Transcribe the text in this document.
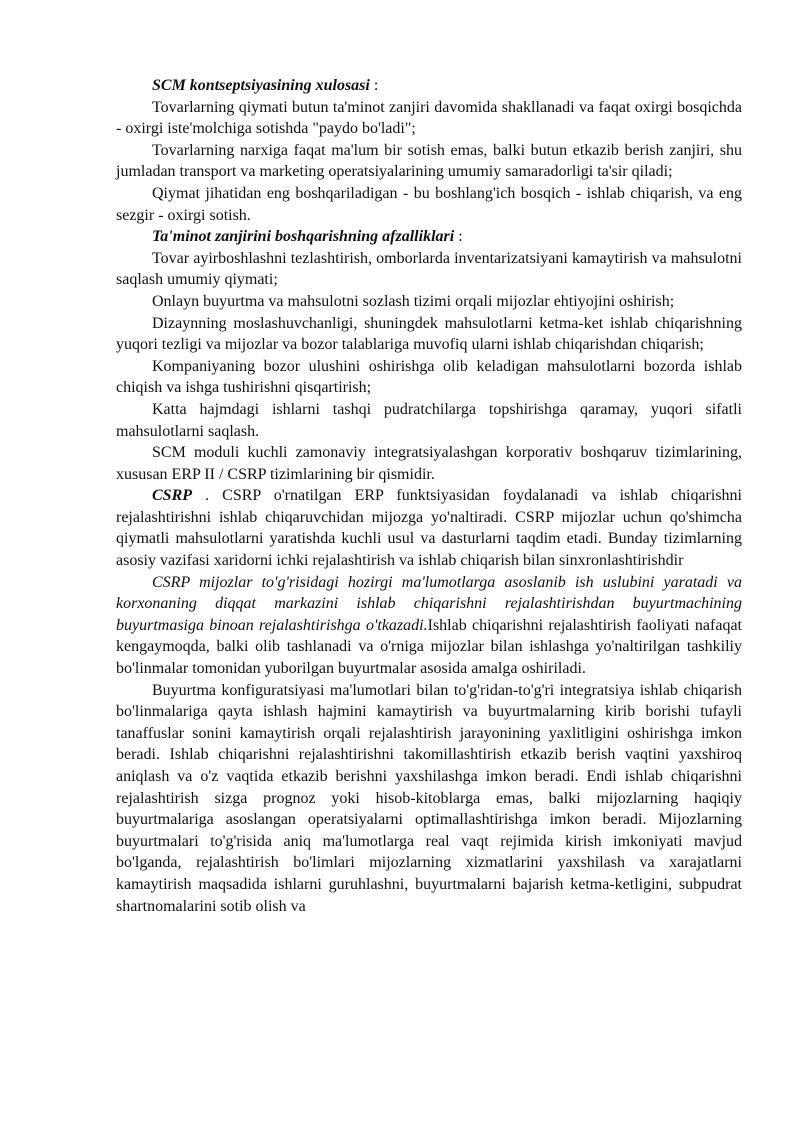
SCM kontseptsiyasining xulosasi :

Tovarlarning qiymati butun ta'minot zanjiri davomida shakllanadi va faqat oxirgi bosqichda - oxirgi iste'molchiga sotishda "paydo bo'ladi";

Tovarlarning narxiga faqat ma'lum bir sotish emas, balki butun etkazib berish zanjiri, shu jumladan transport va marketing operatsiyalarining umumiy samaradorligi ta'sir qiladi;

Qiymat jihatidan eng boshqariladigan - bu boshlang'ich bosqich - ishlab chiqarish, va eng sezgir - oxirgi sotish.

Ta'minot zanjirini boshqarishning afzalliklari :

Tovar ayirboshlashni tezlashtirish, omborlarda inventarizatsiyani kamaytirish va mahsulotni saqlash umumiy qiymati;

Onlayn buyurtma va mahsulotni sozlash tizimi orqali mijozlar ehtiyojini oshirish;

Dizaynning moslashuvchanligi, shuningdek mahsulotlarni ketma-ket ishlab chiqarishning yuqori tezligi va mijozlar va bozor talablariga muvofiq ularni ishlab chiqarishdan chiqarish;

Kompaniyaning bozor ulushini oshirishga olib keladigan mahsulotlarni bozorda ishlab chiqish va ishga tushirishni qisqartirish;

Katta hajmdagi ishlarni tashqi pudratchilarga topshirishga qaramay, yuqori sifatli mahsulotlarni saqlash.

SCM moduli kuchli zamonaviy integratsiyalashgan korporativ boshqaruv tizimlarining, xususan ERP II / CSRP tizimlarining bir qismidir.

CSRP . CSRP o'rnatilgan ERP funktsiyasidan foydalanadi va ishlab chiqarishni rejalashtirishni ishlab chiqaruvchidan mijozga yo'naltiradi. CSRP mijozlar uchun qo'shimcha qiymatli mahsulotlarni yaratishda kuchli usul va dasturlarni taqdim etadi. Bunday tizimlarning asosiy vazifasi xaridorni ichki rejalashtirish va ishlab chiqarish bilan sinxronlashtirishdir

CSRP mijozlar to'g'risidagi hozirgi ma'lumotlarga asoslanib ish uslubini yaratadi va korxonaning diqqat markazini ishlab chiqarishni rejalashtirishdan buyurtmachining buyurtmasiga binoan rejalashtirishga o'tkazadi.Ishlab chiqarishni rejalashtirish faoliyati nafaqat kengaymoqda, balki olib tashlanadi va o'rniga mijozlar bilan ishlashga yo'naltirilgan tashkiliy bo'linmalar tomonidan yuborilgan buyurtmalar asosida amalga oshiriladi.

Buyurtma konfiguratsiyasi ma'lumotlari bilan to'g'ridan-to'g'ri integratsiya ishlab chiqarish bo'linmalariga qayta ishlash hajmini kamaytirish va buyurtmalarning kirib borishi tufayli tanaffuslar sonini kamaytirish orqali rejalashtirish jarayonining yaxlitligini oshirishga imkon beradi. Ishlab chiqarishni rejalashtirishni takomillashtirish etkazib berish vaqtini yaxshiroq aniqlash va o'z vaqtida etkazib berishni yaxshilashga imkon beradi. Endi ishlab chiqarishni rejalashtirish sizga prognoz yoki hisob-kitoblarga emas, balki mijozlarning haqiqiy buyurtmalariga asoslangan operatsiyalarni optimallashtirishga imkon beradi. Mijozlarning buyurtmalari to'g'risida aniq ma'lumotlarga real vaqt rejimida kirish imkoniyati mavjud bo'lganda, rejalashtirish bo'limlari mijozlarning xizmatlarini yaxshilash va xarajatlarni kamaytirish maqsadida ishlarni guruhlashni, buyurtmalarni bajarish ketma-ketligini, subpudrat shartnomalarini sotib olish va
